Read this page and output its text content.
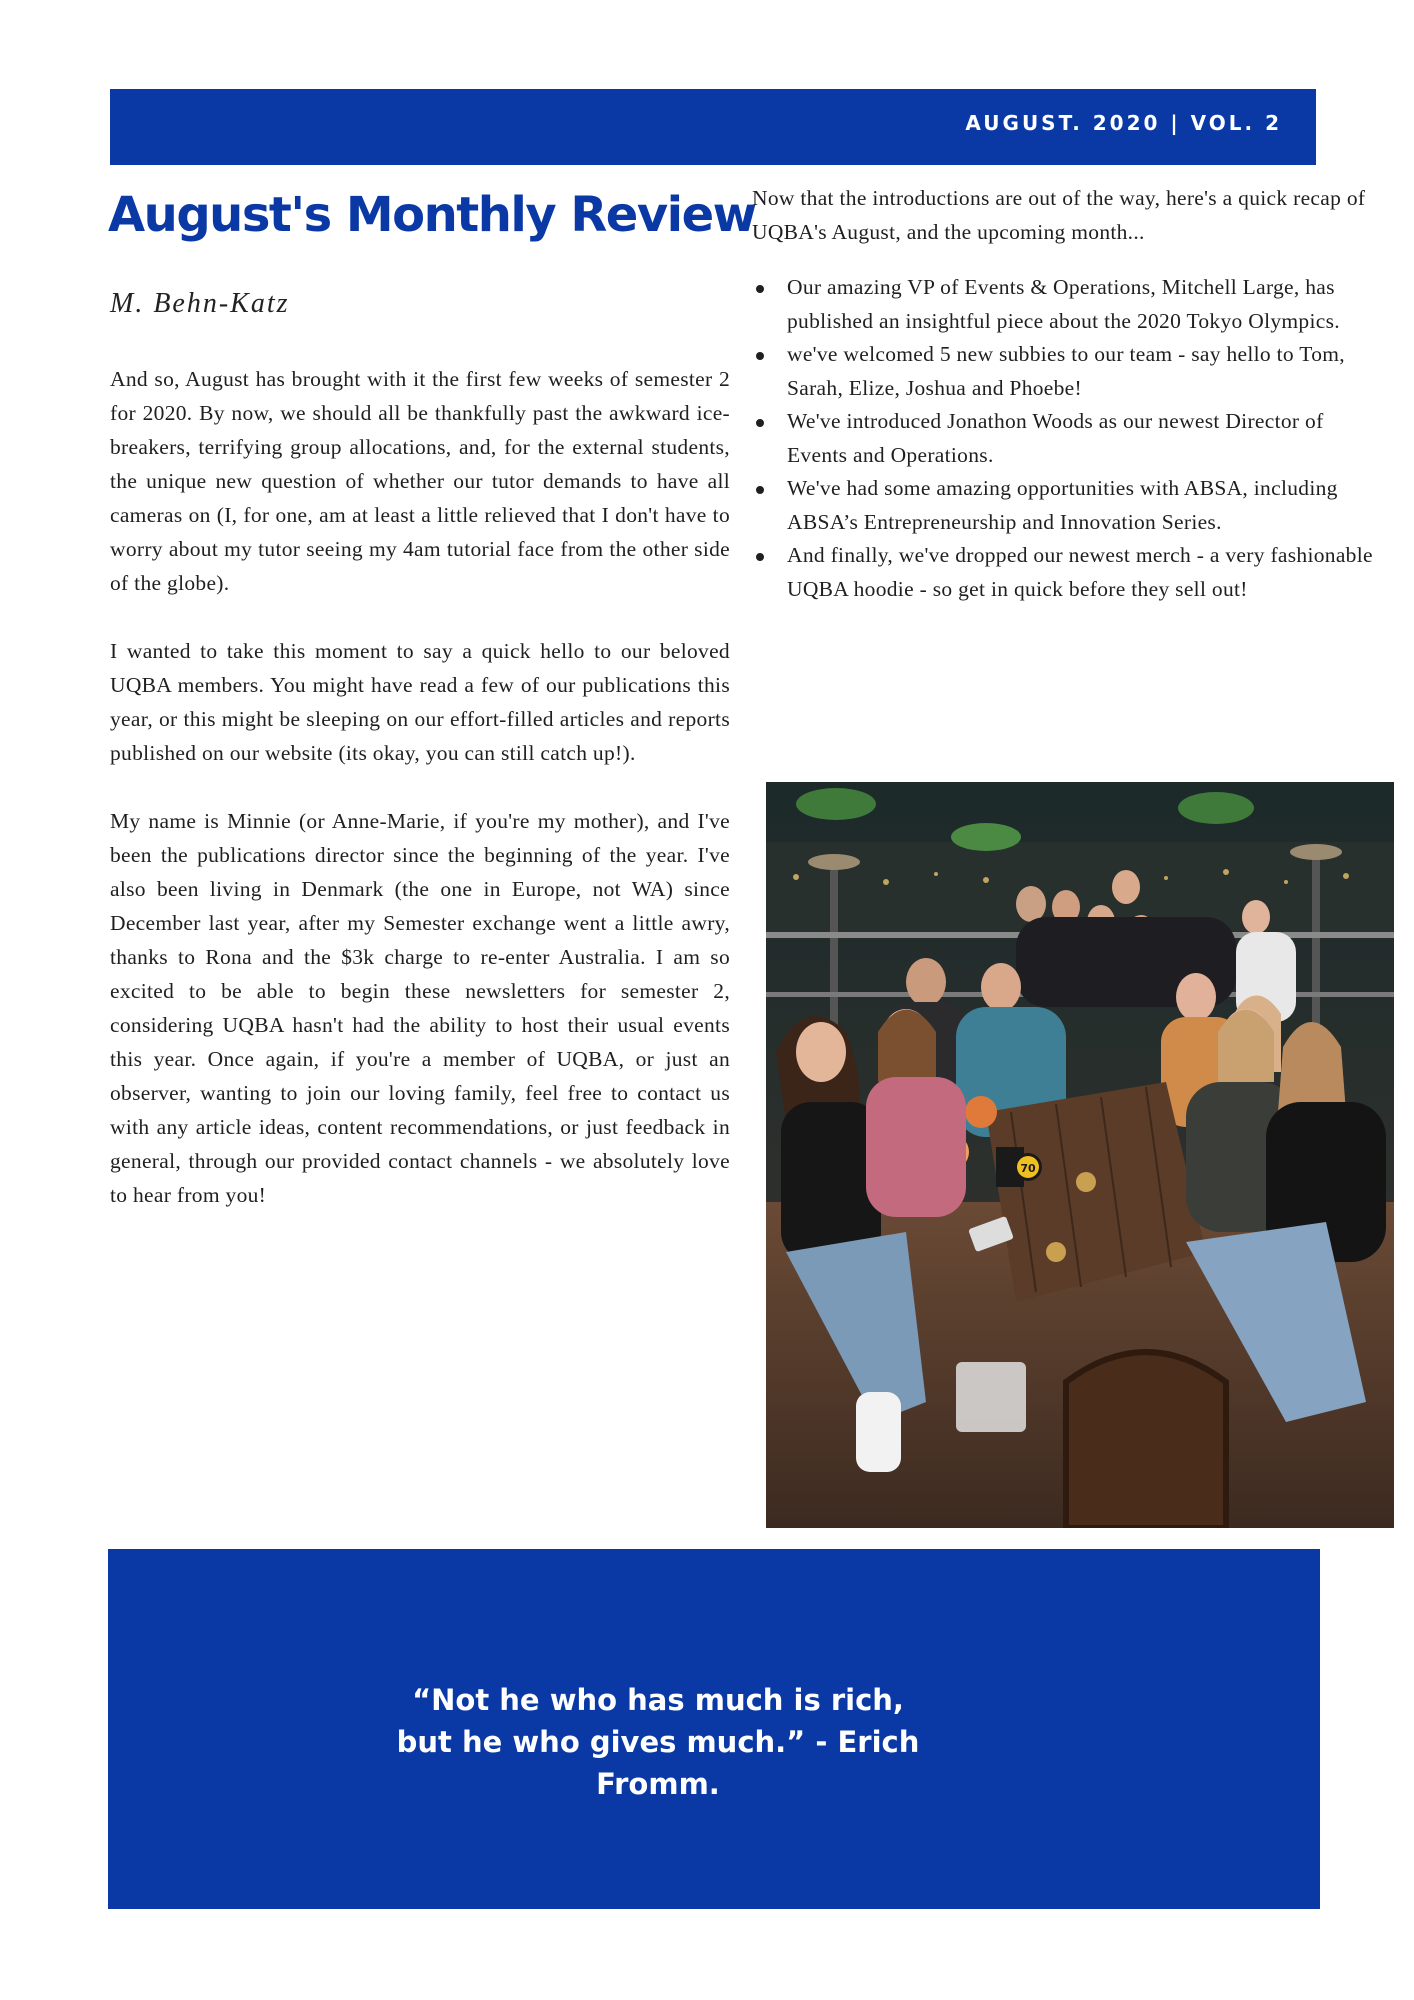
AUGUST. 2020 | VOL. 2
August's Monthly Review
M. Behn-Katz

And so, August has brought with it the first few weeks of semester 2 for 2020. By now, we should all be thankfully past the awkward ice-breakers, terrifying group allocations, and, for the external students, the unique new question of whether our tutor demands to have all cameras on (I, for one, am at least a little relieved that I don't have to worry about my tutor seeing my 4am tutorial face from the other side of the globe).

I wanted to take this moment to say a quick hello to our beloved UQBA members. You might have read a few of our publications this year, or this might be sleeping on our effort-filled articles and reports published on our website (its okay, you can still catch up!).

My name is Minnie (or Anne-Marie, if you're my mother), and I've been the publications director since the beginning of the year. I've also been living in Denmark (the one in Europe, not WA) since December last year, after my Semester exchange went a little awry, thanks to Rona and the $3k charge to re-enter Australia. I am so excited to be able to begin these newsletters for semester 2, considering UQBA hasn't had the ability to host their usual events this year. Once again, if you're a member of UQBA, or just an observer, wanting to join our loving family, feel free to contact us with any article ideas, content recommendations, or just feedback in general, through our provided contact channels - we absolutely love to hear from you!

Now that the introductions are out of the way, here's a quick recap of UQBA's August, and the upcoming month...

Our amazing VP of Events & Operations, Mitchell Large, has published an insightful piece about the 2020 Tokyo Olympics.
we've welcomed 5 new subbies to our team - say hello to Tom, Sarah, Elize, Joshua and Phoebe!
We've introduced Jonathon Woods as our newest Director of Events and Operations.
We've had some amazing opportunities with ABSA, including ABSA’s Entrepreneurship and Innovation Series.
And finally, we've dropped our newest merch - a very fashionable UQBA hoodie - so get in quick before they sell out!
70
“Not he who has much is rich, but he who gives much.” - Erich Fromm.
